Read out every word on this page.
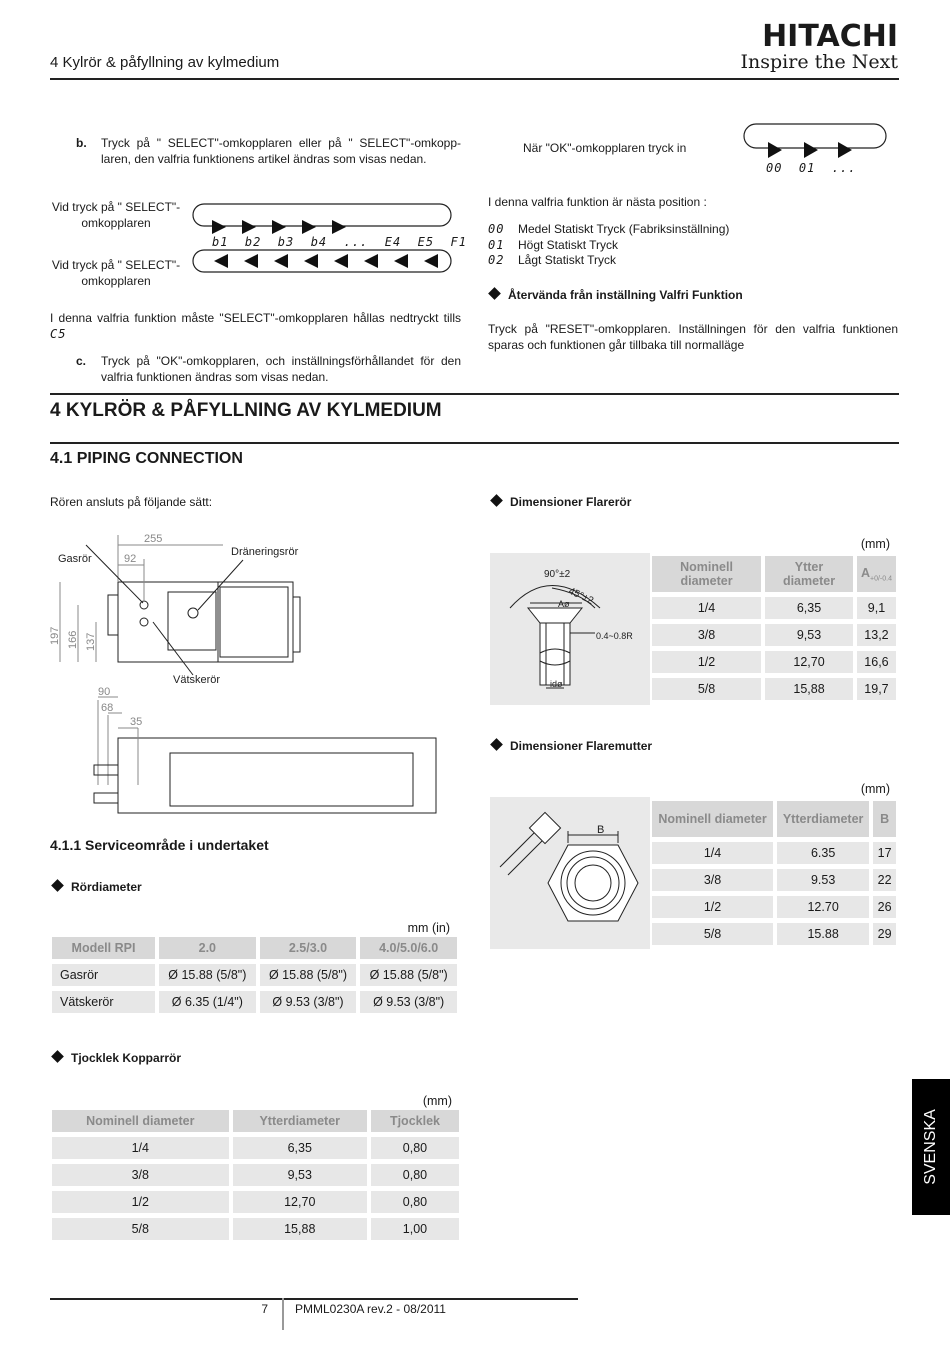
4 Kylrör & påfyllning av kylmedium
HITACHI
Inspire the Next
b. Tryck på " SELECT"-omkopplaren eller på " SELECT"-omkopp-laren, den valfria funktionens artikel ändras som visas nedan.
Vid tryck på " SELECT"-omkopplaren
Vid tryck på " SELECT"-omkopplaren
b1  b2  b3  b4  ...  E4  E5  F1
I denna valfria funktion måste "SELECT"-omkopplaren hållas nedtryckt tills C5
c. Tryck på "OK"-omkopplaren, och inställningsförhållandet för den valfria funktionen ändras som visas nedan.
När "OK"-omkopplaren tryck in
00  01  ...
I denna valfria funktion är nästa position :
00 Medel Statiskt Tryck (Fabriksinställning)
01 Högt Statiskt Tryck
02 Lågt Statiskt Tryck
Återvända från inställning Valfri Funktion
Tryck på "RESET"-omkopplaren. Inställningen för den valfria funktionen sparas och funktionen går tillbaka till normalläge
4 KYLRÖR & PÅFYLLNING AV KYLMEDIUM
4.1 PIPING CONNECTION
Rören ansluts på följande sätt:
Gasrör
Dräneringsrör
Vätskerör
255
92
197 166 137
90
68
35
4.1.1 Serviceområde i undertaket
Rördiameter
mm (in)
Modell RPI	2.0	2.5/3.0	4.0/5.0/6.0
Gasrör	Ø 15.88 (5/8")	Ø 15.88 (5/8")	Ø 15.88 (5/8")
Vätskerör	Ø 6.35 (1/4")	Ø 9.53 (3/8")	Ø 9.53 (3/8")
Tjocklek Kopparrör
(mm)
Nominell diameter	Ytterdiameter	Tjocklek
1/4	6,35	0,80
3/8	9,53	0,80
1/2	12,70	0,80
5/8	15,88	1,00
Dimensioner Flarerör
(mm)
90°±2
45°±2
Aø
0.4~0.8R
idø
Nominell diameter	Ytter diameter	$A_{+0/-0.4}$
1/4	6,35	9,1
3/8	9,53	13,2
1/2	12,70	16,6
5/8	15,88	19,7
Dimensioner Flaremutter
(mm)
B
Nominell diameter	Ytterdiameter	B
1/4	6.35	17
3/8	9.53	22
1/2	12.70	26
5/8	15.88	29
SVENSKA
7 PMML0230A rev.2 - 08/2011
